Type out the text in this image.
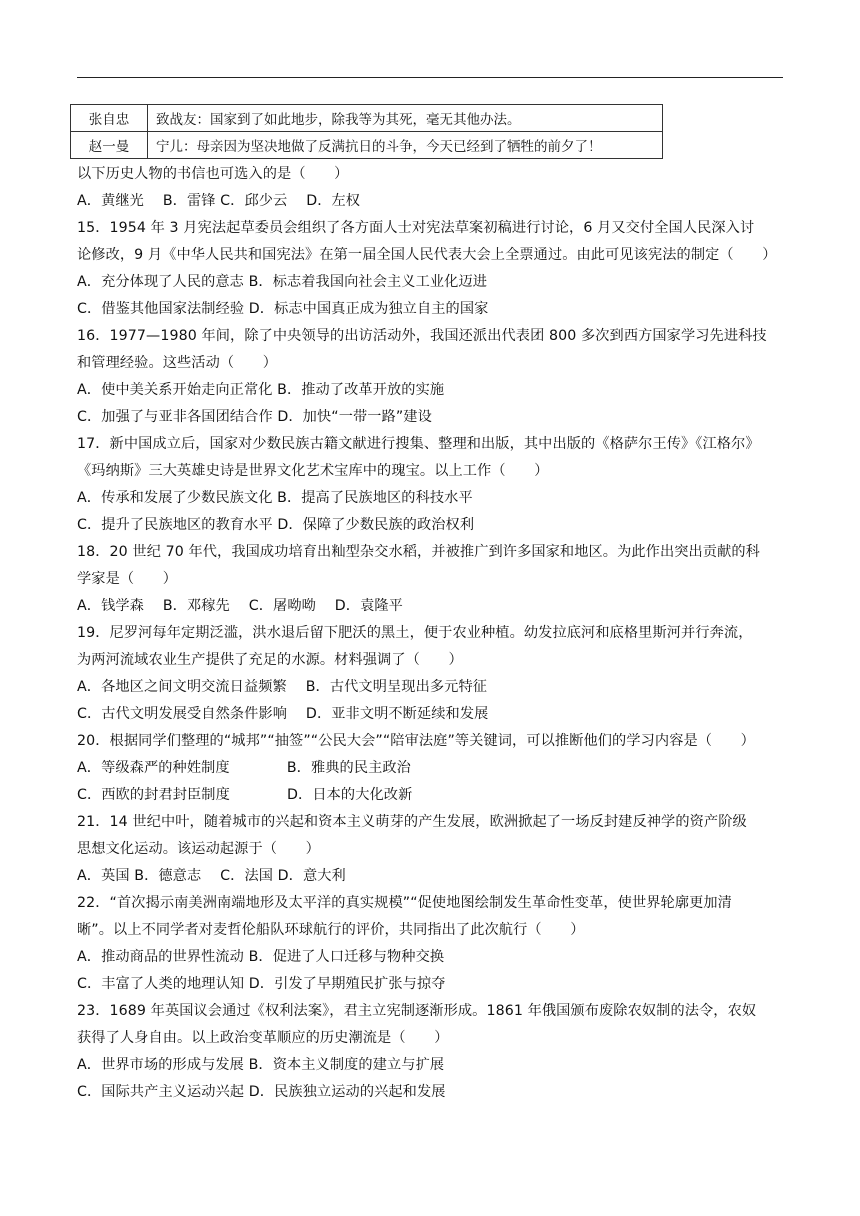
张自忠	致战友：国家到了如此地步，除我等为其死，毫无其他办法。
赵一曼	宁儿：母亲因为坚决地做了反满抗日的斗争，今天已经到了牺牲的前夕了！
以下历史人物的书信也可选入的是（　　）
A．黄继光　 B．雷锋 C．邱少云　 D．左权
15．1954 年 3 月宪法起草委员会组织了各方面人士对宪法草案初稿进行讨论，6 月又交付全国人民深入讨
论修改，9 月《中华人民共和国宪法》在第一届全国人民代表大会上全票通过。由此可见该宪法的制定（　　）
A．充分体现了人民的意志 B．标志着我国向社会主义工业化迈进
C．借鉴其他国家法制经验 D．标志中国真正成为独立自主的国家
16．1977—1980 年间，除了中央领导的出访活动外，我国还派出代表团 800 多次到西方国家学习先进科技
和管理经验。这些活动（　　）
A．使中美关系开始走向正常化 B．推动了改革开放的实施
C．加强了与亚非各国团结合作 D．加快“一带一路”建设
17．新中国成立后，国家对少数民族古籍文献进行搜集、整理和出版，其中出版的《格萨尔王传》《江格尔》
《玛纳斯》三大英雄史诗是世界文化艺术宝库中的瑰宝。以上工作（　　）
A．传承和发展了少数民族文化 B．提高了民族地区的科技水平
C．提升了民族地区的教育水平 D．保障了少数民族的政治权利
18．20 世纪 70 年代，我国成功培育出籼型杂交水稻，并被推广到许多国家和地区。为此作出突出贡献的科
学家是（　　）
A．钱学森　 B．邓稼先　 C．屠呦呦　 D．袁隆平
19．尼罗河每年定期泛滥，洪水退后留下肥沃的黑土，便于农业种植。幼发拉底河和底格里斯河并行奔流，
为两河流域农业生产提供了充足的水源。材料强调了（　　）
A．各地区之间文明交流日益频繁　 B．古代文明呈现出多元特征
C．古代文明发展受自然条件影响　 D．亚非文明不断延续和发展
20．根据同学们整理的“城邦”“抽签”“公民大会”“陪审法庭”等关键词，可以推断他们的学习内容是（　　）
A．等级森严的种姓制度　　　　B．雅典的民主政治
C．西欧的封君封臣制度　　　　D．日本的大化改新
21．14 世纪中叶，随着城市的兴起和资本主义萌芽的产生发展，欧洲掀起了一场反封建反神学的资产阶级
思想文化运动。该运动起源于（　　）
A．英国 B．德意志　 C．法国 D．意大利
22．“首次揭示南美洲南端地形及太平洋的真实规模”“促使地图绘制发生革命性变革，使世界轮廓更加清
晰”。以上不同学者对麦哲伦船队环球航行的评价，共同指出了此次航行（　　）
A．推动商品的世界性流动 B．促进了人口迁移与物种交换
C．丰富了人类的地理认知 D．引发了早期殖民扩张与掠夺
23．1689 年英国议会通过《权利法案》，君主立宪制逐渐形成。1861 年俄国颁布废除农奴制的法令，农奴
获得了人身自由。以上政治变革顺应的历史潮流是（　　）
A．世界市场的形成与发展 B．资本主义制度的建立与扩展
C．国际共产主义运动兴起 D．民族独立运动的兴起和发展
